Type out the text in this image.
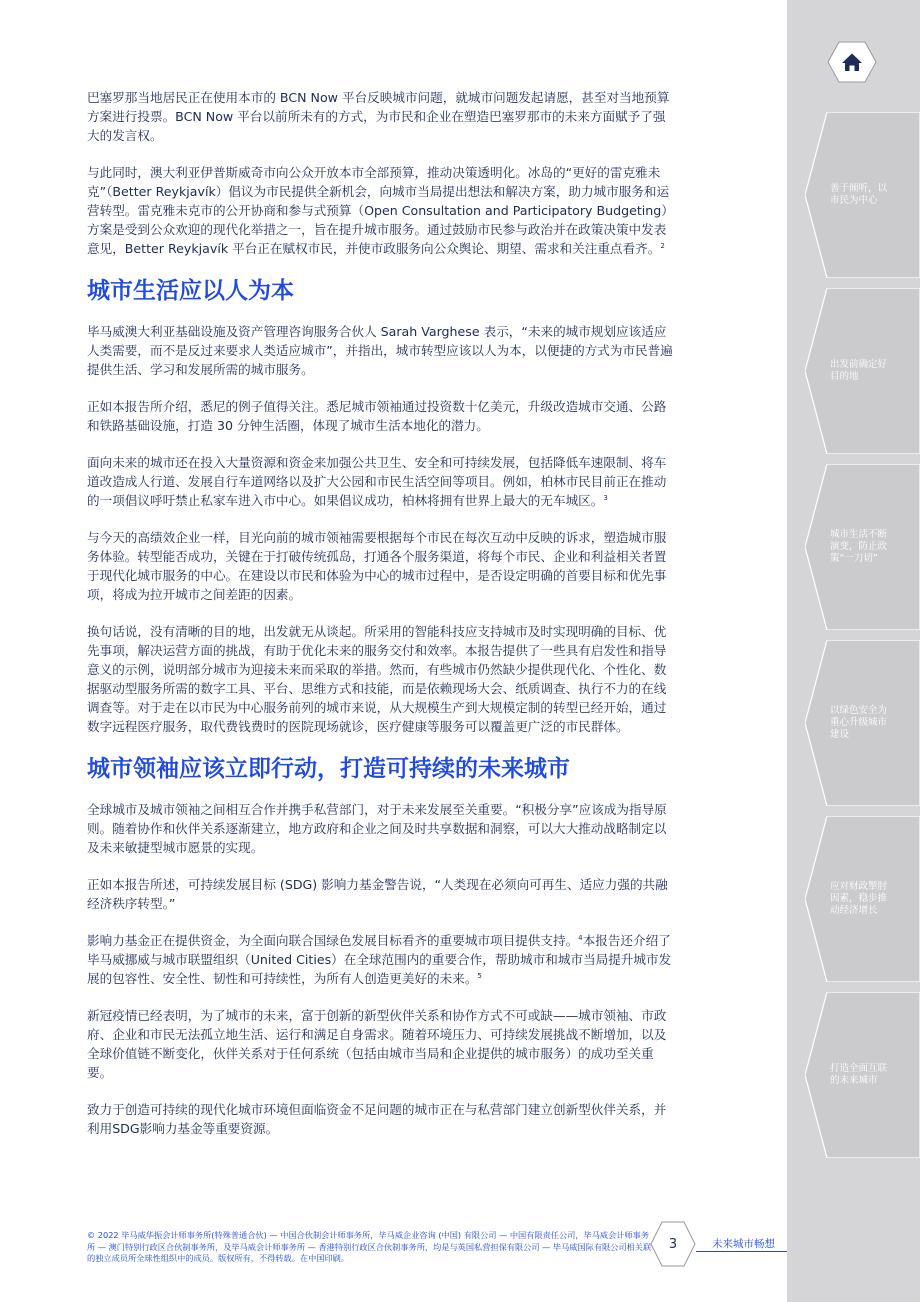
巴塞罗那当地居民正在使用本市的 BCN Now 平台反映城市问题，就城市问题发起请愿，甚至对当地预算方案进行投票。BCN Now 平台以前所未有的方式，为市民和企业在塑造巴塞罗那市的未来方面赋予了强大的发言权。

与此同时，澳大利亚伊普斯威奇市向公众开放本市全部预算，推动决策透明化。冰岛的“更好的雷克雅未克”（Better Reykjavík）倡议为市民提供全新机会，向城市当局提出想法和解决方案，助力城市服务和运营转型。雷克雅未克市的公开协商和参与式预算（Open Consultation and Participatory Budgeting）方案是受到公众欢迎的现代化举措之一，旨在提升城市服务。通过鼓励市民参与政治并在政策决策中发表意见，Better Reykjavík 平台正在赋权市民，并使市政服务向公众舆论、期望、需求和关注重点看齐。$^2$

城市生活应以人为本

毕马威澳大利亚基础设施及资产管理咨询服务合伙人 Sarah Varghese 表示，“未来的城市规划应该适应人类需要，而不是反过来要求人类适应城市”，并指出，城市转型应该以人为本，以便捷的方式为市民普遍提供生活、学习和发展所需的城市服务。

正如本报告所介绍，悉尼的例子值得关注。悉尼城市领袖通过投资数十亿美元，升级改造城市交通、公路和铁路基础设施，打造 30 分钟生活圈，体现了城市生活本地化的潜力。

面向未来的城市还在投入大量资源和资金来加强公共卫生、安全和可持续发展，包括降低车速限制、将车道改造成人行道、发展自行车道网络以及扩大公园和市民生活空间等项目。例如，柏林市民目前正在推动的一项倡议呼吁禁止私家车进入市中心。如果倡议成功，柏林将拥有世界上最大的无车城区。$^3$

与今天的高绩效企业一样，目光向前的城市领袖需要根据每个市民在每次互动中反映的诉求，塑造城市服务体验。转型能否成功，关键在于打破传统孤岛，打通各个服务渠道，将每个市民、企业和利益相关者置于现代化城市服务的中心。在建设以市民和体验为中心的城市过程中，是否设定明确的首要目标和优先事项，将成为拉开城市之间差距的因素。

换句话说，没有清晰的目的地，出发就无从谈起。所采用的智能科技应支持城市及时实现明确的目标、优先事项，解决运营方面的挑战，有助于优化未来的服务交付和效率。本报告提供了一些具有启发性和指导意义的示例，说明部分城市为迎接未来而采取的举措。然而，有些城市仍然缺少提供现代化、个性化、数据驱动型服务所需的数字工具、平台、思维方式和技能，而是依赖现场大会、纸质调查、执行不力的在线调查等。对于走在以市民为中心服务前列的城市来说，从大规模生产到大规模定制的转型已经开始，通过数字远程医疗服务，取代费钱费时的医院现场就诊，医疗健康等服务可以覆盖更广泛的市民群体。

城市领袖应该立即行动，打造可持续的未来城市

全球城市及城市领袖之间相互合作并携手私营部门，对于未来发展至关重要。“积极分享”应该成为指导原则。随着协作和伙伴关系逐渐建立，地方政府和企业之间及时共享数据和洞察，可以大大推动战略制定以及未来敏捷型城市愿景的实现。

正如本报告所述，可持续发展目标 (SDG) 影响力基金警告说，“人类现在必须向可再生、适应力强的共融经济秩序转型。”

影响力基金正在提供资金，为全面向联合国绿色发展目标看齐的重要城市项目提供支持。$^4$本报告还介绍了毕马威挪威与城市联盟组织（United Cities）在全球范围内的重要合作，帮助城市和城市当局提升城市发展的包容性、安全性、韧性和可持续性，为所有人创造更美好的未来。$^5$

新冠疫情已经表明，为了城市的未来，富于创新的新型伙伴关系和协作方式不可或缺——城市领袖、市政府、企业和市民无法孤立地生活、运行和满足自身需求。随着环境压力、可持续发展挑战不断增加，以及全球价值链不断变化，伙伴关系对于任何系统（包括由城市当局和企业提供的城市服务）的成功至关重要。

致力于创造可持续的现代化城市环境但面临资金不足问题的城市正在与私营部门建立创新型伙伴关系，并利用SDG影响力基金等重要资源。

善于倾听，以市民为中心
出发前确定好目的地
城市生活不断演变，防止政策“一刀切”
以绿色安全为重心升级城市建设
应对财政掣肘因素，稳步推动经济增长
打造全面互联的未来城市
© 2022 毕马威华振会计师事务所(特殊普通合伙) — 中国合伙制会计师事务所，毕马威企业咨询 (中国) 有限公司 — 中国有限责任公司，毕马威会计师事务所 — 澳门特别行政区合伙制事务所，及毕马威会计师事务所 — 香港特别行政区合伙制事务所，均是与英国私营担保有限公司 — 毕马威国际有限公司相关联的独立成员所全球性组织中的成员。版权所有，不得转载。在中国印刷。
3	未来城市畅想
